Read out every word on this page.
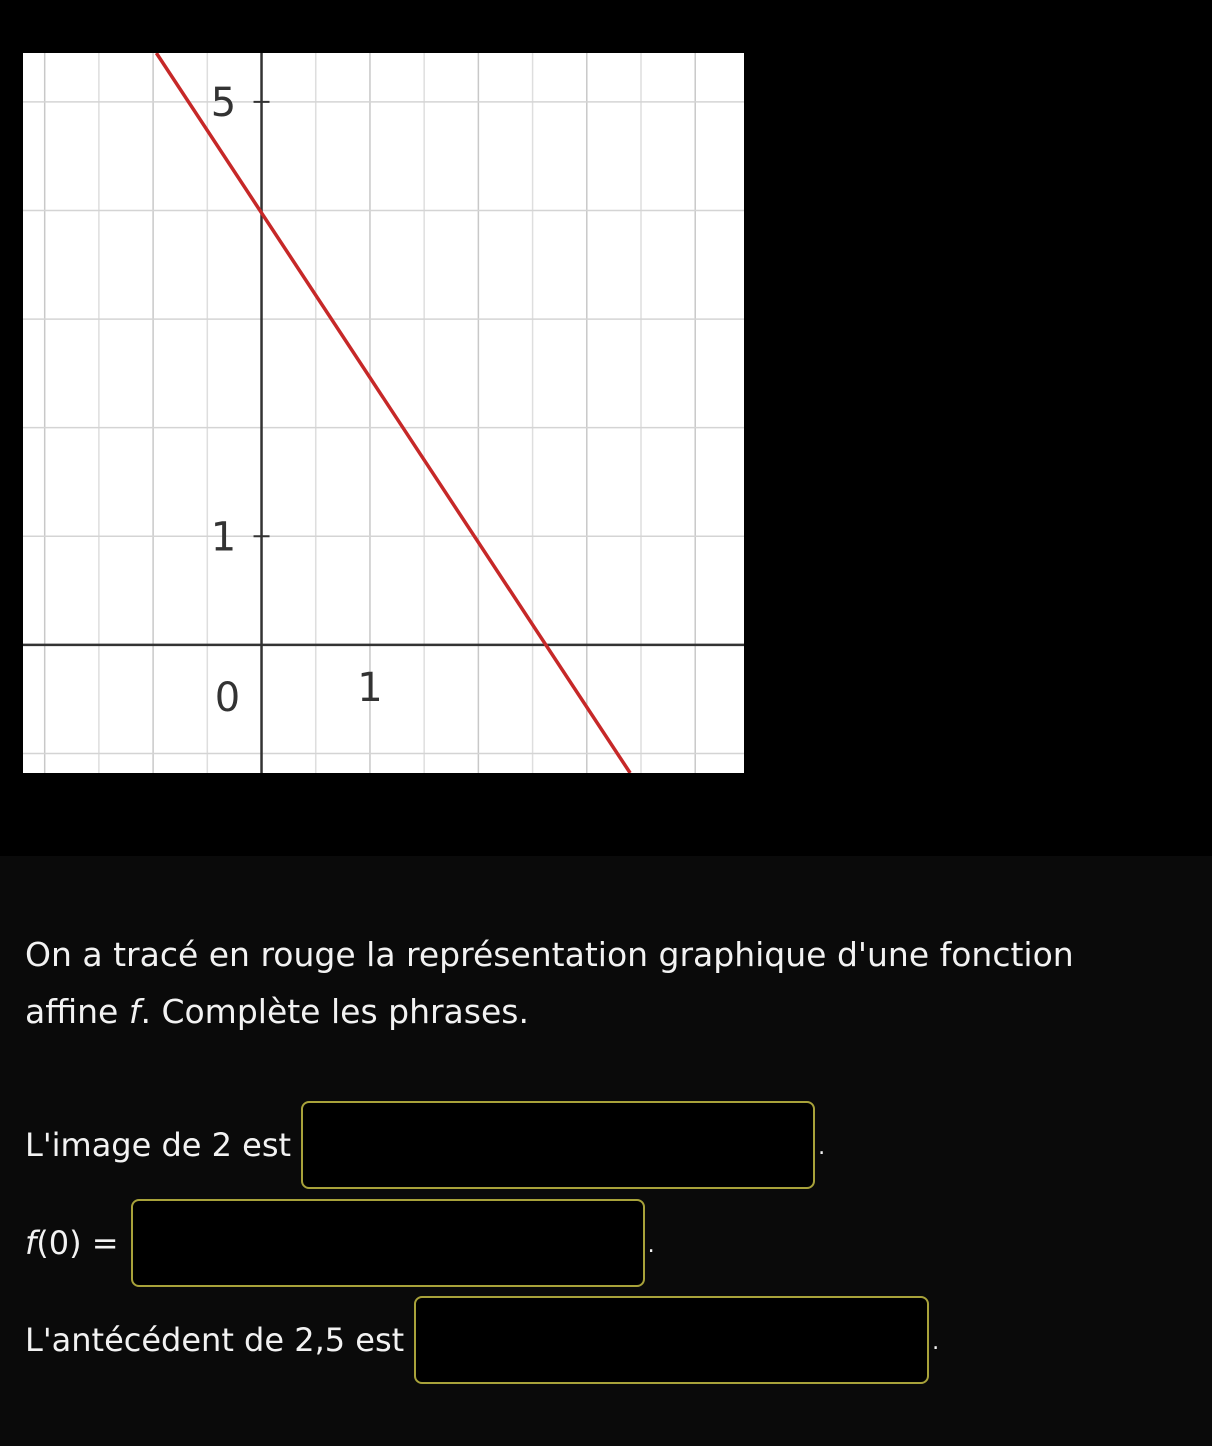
1
5
1
0

On a tracé en rouge la représentation graphique d'une fonction
affine f. Complète les phrases.

L'image de 2 est	.
f (0) =	.
L'antécédent de 2,5 est	.
